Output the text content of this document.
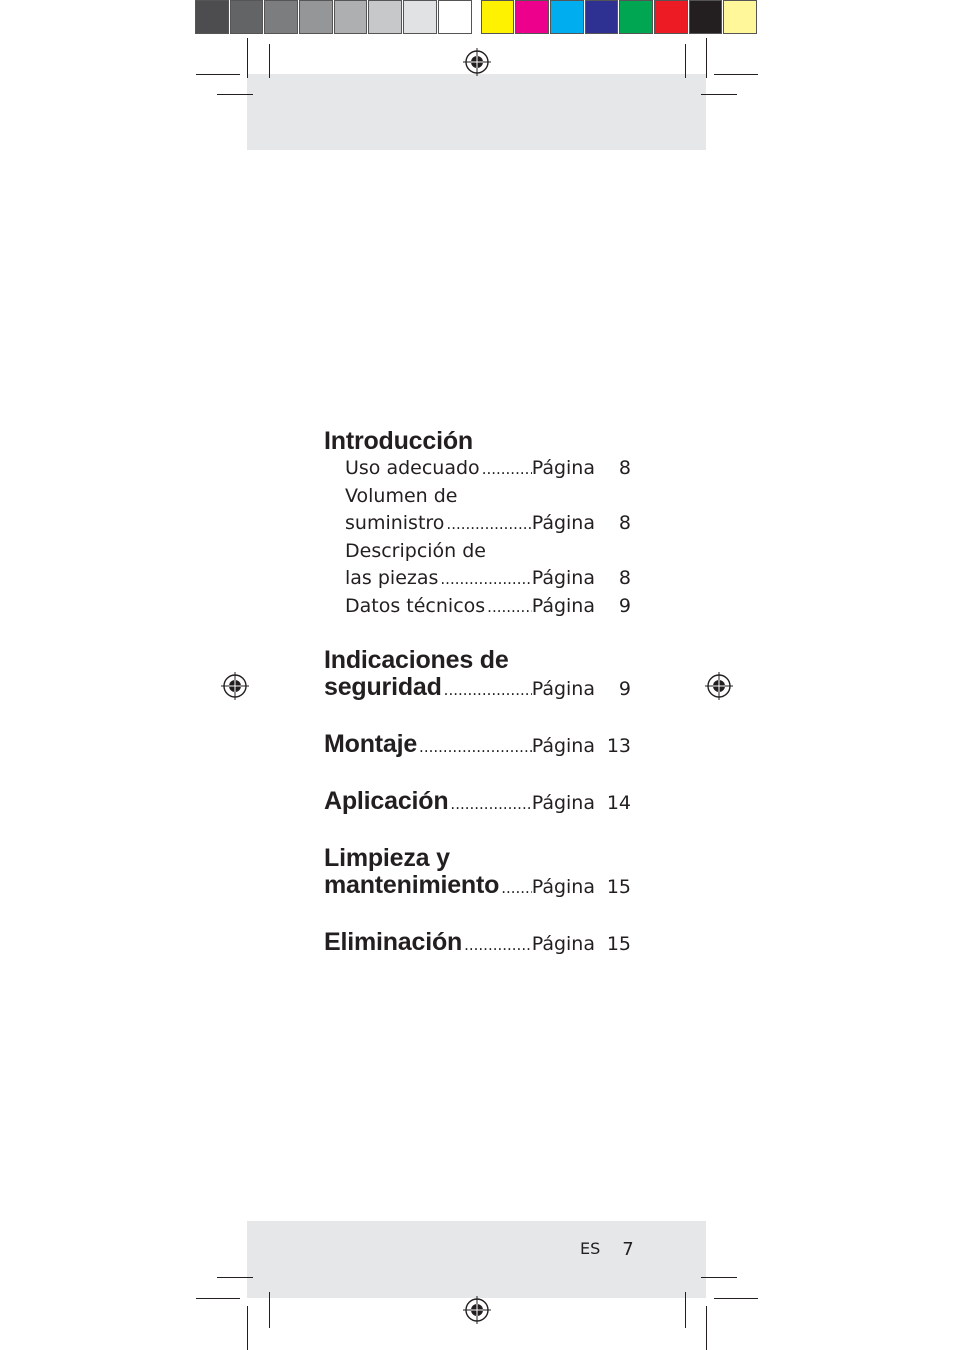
Introducción
Uso adecuado .....	Página	8
Volumen de
suministro .....	Página	8
Descripción de
las piezas .....	Página	8
Datos técnicos ..... Página	9
Indicaciones de
seguridad .....	Página	9
Montaje .....	Página 13
Aplicación .....	Página 14
Limpieza y
mantenimiento ..... Página 15
Eliminación .....	Página 15
ES 7
